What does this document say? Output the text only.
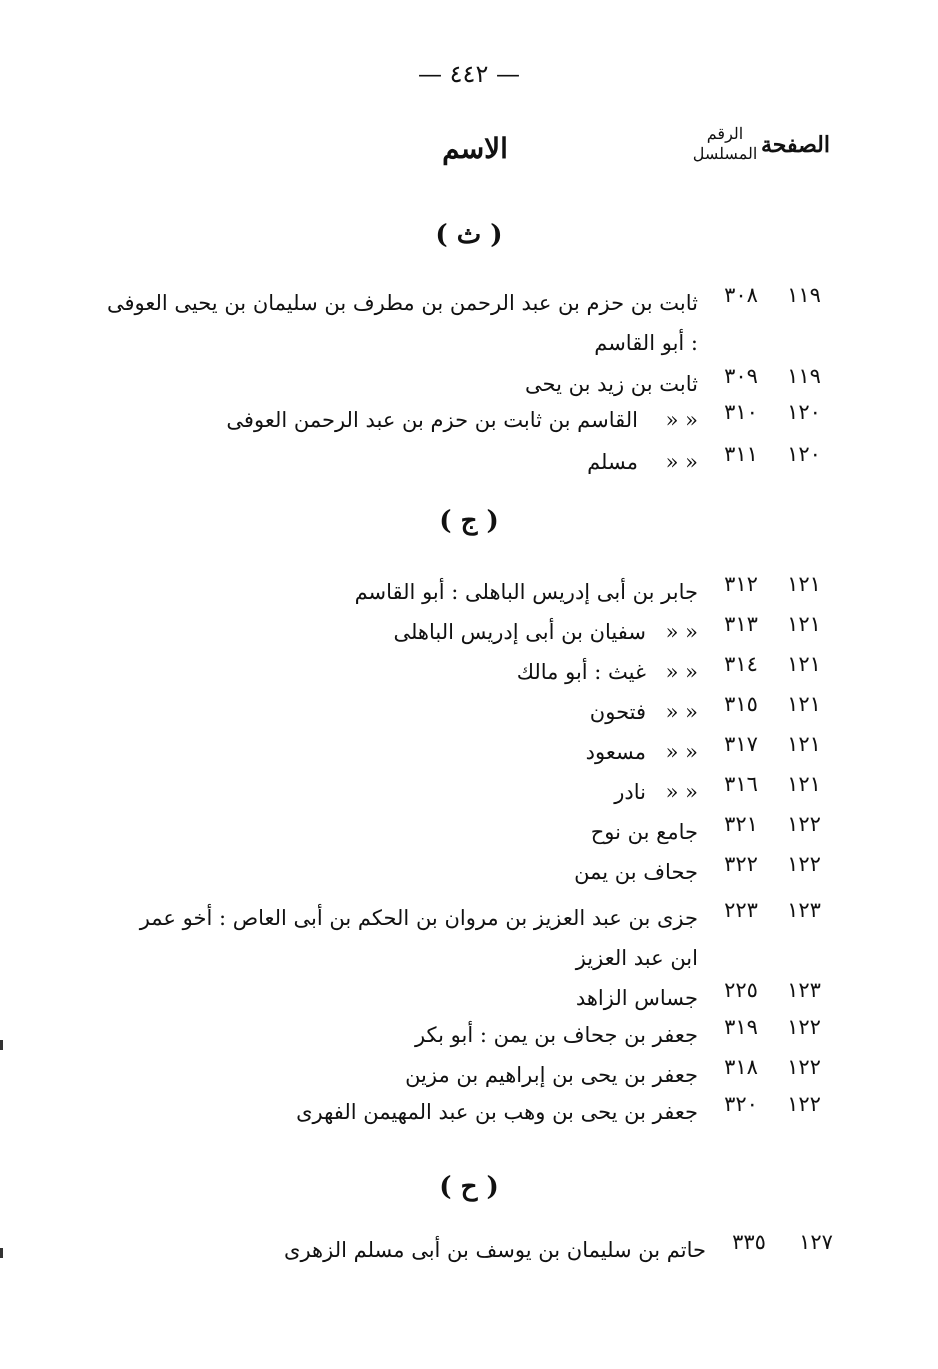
— ٤٤٢ —
الصفحة
الرقم
المسلسل
الاسم
( ث )
١١٩
٣٠٨
ثابت بن حزم بن عبد الرحمن بن مطرف بن سليمان بن يحيى العوفى : أبو القاسم
١١٩
٣٠٩
ثابت بن زيد بن يحى
١٢٠
٣١٠
« «
القاسم بن ثابت بن حزم بن عبد الرحمن العوفى
١٢٠
٣١١
« «
مسلم
( ج )
١٢١
٣١٢
جابر بن أبى إدريس الباهلى : أبو القاسم
١٢١
٣١٣
« «
سفيان بن أبى إدريس الباهلى
١٢١
٣١٤
« «
غيث : أبو مالك
١٢١
٣١٥
« «
فتحون
١٢١
٣١٧
« «
مسعود
١٢١
٣١٦
« «
نادر
١٢٢
٣٢١
جامع بن نوح
١٢٢
٣٢٢
جحاف بن يمن
١٢٣
٢٢٣
جزى بن عبد العزيز بن مروان بن الحكم بن أبى العاص : أخو عمر ابن عبد العزيز
١٢٣
٢٢٥
جساس الزاهد
١٢٢
٣١٩
جعفر بن جحاف بن يمن : أبو بكر
١٢٢
٣١٨
جعفر بن يحى بن إبراهيم بن مزين
١٢٢
٣٢٠
جعفر بن يحى بن وهب بن عبد المهيمن الفهرى
( ح )
١٢٧
٣٣٥
حاتم بن سليمان بن يوسف بن أبى مسلم الزهرى
